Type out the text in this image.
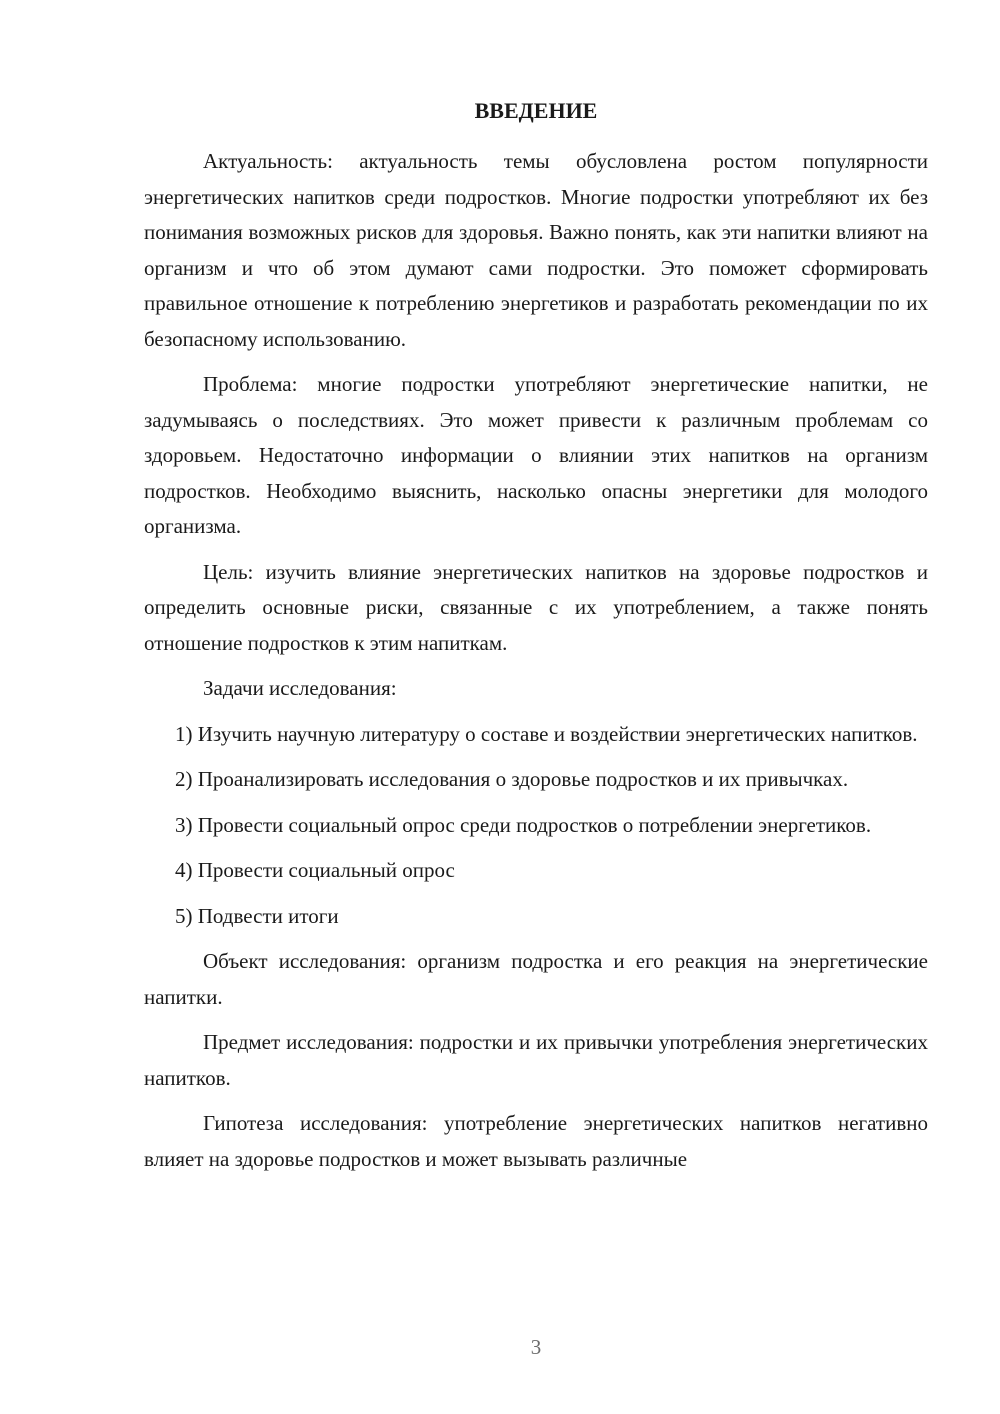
ВВЕДЕНИЕ

Актуальность: актуальность темы обусловлена ростом популярности энергетических напитков среди подростков. Многие подростки употребляют их без понимания возможных рисков для здоровья. Важно понять, как эти напитки влияют на организм и что об этом думают сами подростки. Это поможет сформировать правильное отношение к потреблению энергетиков и разработать рекомендации по их безопасному использованию.

Проблема: многие подростки употребляют энергетические напитки, не задумываясь о последствиях. Это может привести к различным проблемам со здоровьем. Недостаточно информации о влиянии этих напитков на организм подростков. Необходимо выяснить, насколько опасны энергетики для молодого организма.

Цель: изучить влияние энергетических напитков на здоровье подростков и определить основные риски, связанные с их употреблением, а также понять отношение подростков к этим напиткам.

Задачи исследования:

1) Изучить научную литературу о составе и воздействии энергетических напитков.

2) Проанализировать исследования о здоровье подростков и их привычках.

3) Провести социальный опрос среди подростков о потреблении энергетиков.

4) Провести социальный опрос

5) Подвести итоги

Объект исследования: организм подростка и его реакция на энергетические напитки.

Предмет исследования: подростки и их привычки употребления энергетических напитков.

Гипотеза исследования: употребление энергетических напитков негативно влияет на здоровье подростков и может вызывать различные

3
